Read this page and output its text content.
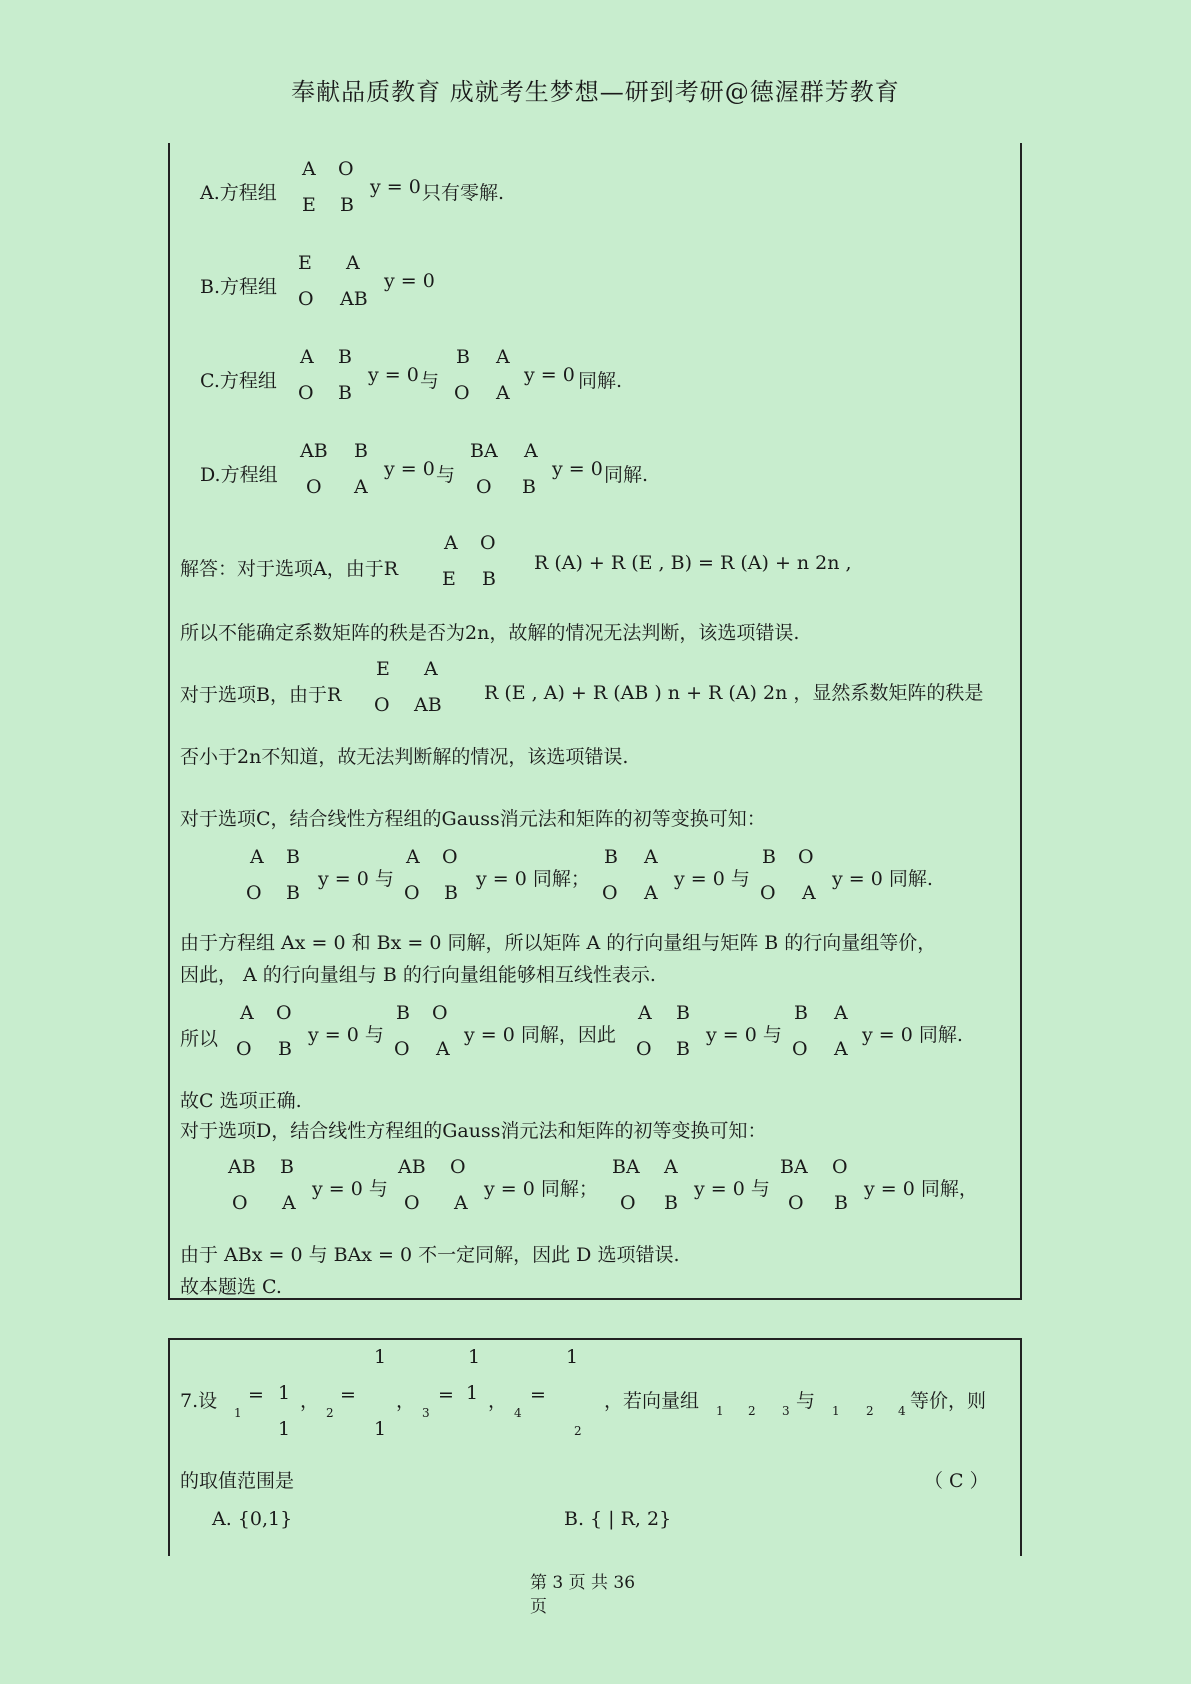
奉献品质教育 成就考生梦想—研到考研@德渥群芳教育
A.方程组
A O
E B
y = 0 只有零解.
B.方程组
E A
O AB
y = 0
C.方程组
A B
O B
y = 0 与
B A
O A
y = 0 同解.
D.方程组
AB B
O A
y = 0 与
BA A
O B
y = 0 同解.
解答：对于选项A，由于R
A O
E B
R (A) + R (E , B) = R (A) + n 2n ,
所以不能确定系数矩阵的秩是否为2n，故解的情况无法判断，该选项错误.
对于选项B，由于R
E A
O AB
R (E , A) + R (AB ) n + R (A) 2n ，显然系数矩阵的秩是
否小于2n不知道，故无法判断解的情况，该选项错误.
对于选项C，结合线性方程组的Gauss消元法和矩阵的初等变换可知：
A B
O B
y = 0 与
A O
O B
y = 0 同解；
B A
O A
y = 0 与
B O
O A
y = 0 同解.
由于方程组 Ax = 0 和 Bx = 0 同解，所以矩阵 A 的行向量组与矩阵 B 的行向量组等价，
因此， A 的行向量组与 B 的行向量组能够相互线性表示.
所以
A O
O B
y = 0 与
B O
O A
y = 0 同解，因此
A B
O B
y = 0 与
B A
O A
y = 0 同解.
故C 选项正确.
对于选项D，结合线性方程组的Gauss消元法和矩阵的初等变换可知：
AB B
O A
y = 0 与
AB O
O A
y = 0 同解；
BA A
O B
y = 0 与
BA O
O B
y = 0 同解，
由于 ABx = 0 与 BAx = 0 不一定同解，因此 D 选项错误.
故本题选 C.
1	1	1
7.设
1
= 1 ，
2
= ，
3
= 1 ，
4
=	，若向量组 1 2 3 与 1 2 4 等价，则
1	1	2
的取值范围是	（ C ）
A. {0,1}	B. { | R, 2}
第 3 页 共 36
页
